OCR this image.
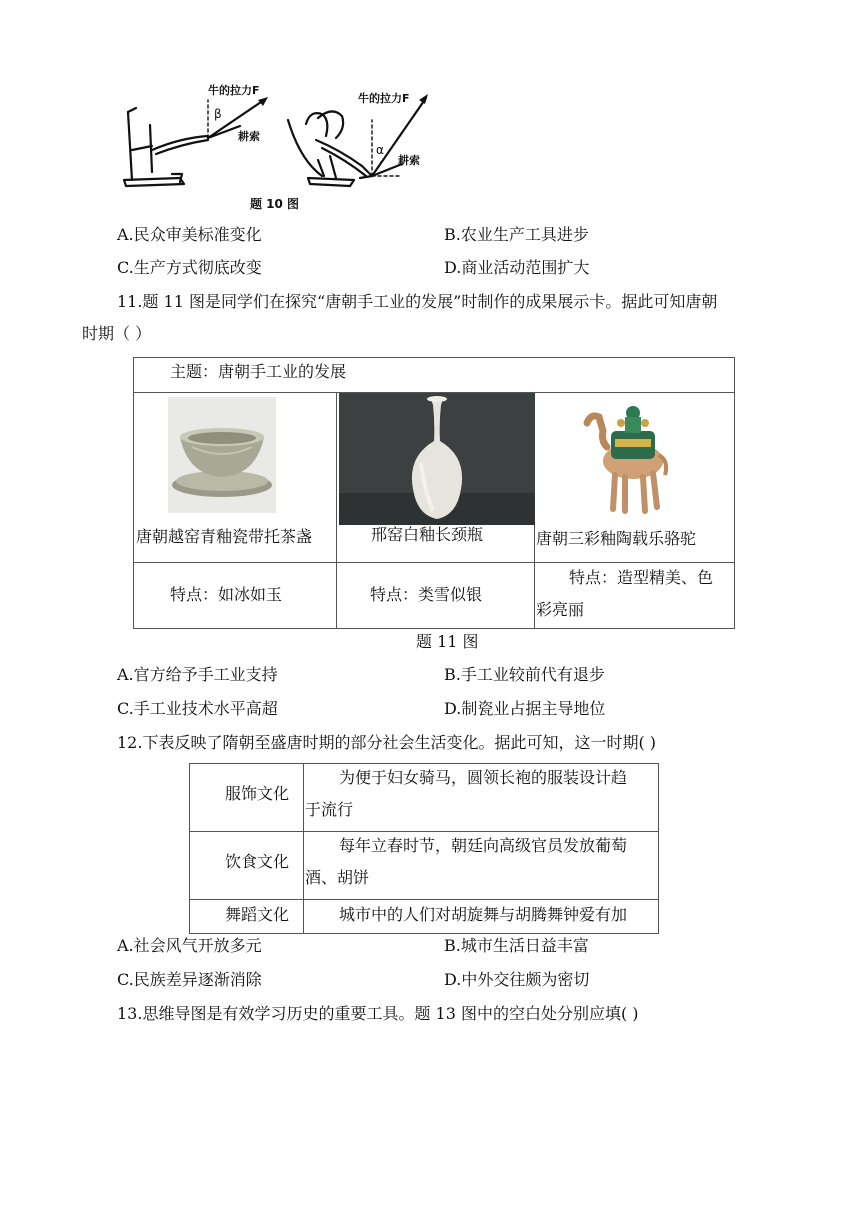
牛的拉力F
β
耕索
牛的拉力F
α
耕索
题 10 图
A.民众审美标准变化	B.农业生产工具进步
C.生产方式彻底改变	D.商业活动范围扩大
11.题 11 图是同学们在探究“唐朝手工业的发展”时制作的成果展示卡。据此可知唐朝
时期（ ）
主题：唐朝手工业的发展		

唐朝越窑青釉瓷带托茶盏	邢窑白釉长颈瓶	唐朝三彩釉陶载乐骆驼

特点：如冰如玉	特点：类雪似银	特点：造型精美、色
彩亮丽
题 11 图
A.官方给予手工业支持	B.手工业较前代有退步
C.手工业技术水平高超	D.制瓷业占据主导地位
12.下表反映了隋朝至盛唐时期的部分社会生活变化。据此可知，这一时期( )
服饰文化	为便于妇女骑马，圆领长袍的服装设计趋
于流行

饮食文化	每年立春时节，朝廷向高级官员发放葡萄
酒、胡饼

舞蹈文化	城市中的人们对胡旋舞与胡腾舞钟爱有加
A.社会风气开放多元	B.城市生活日益丰富
C.民族差异逐渐消除	D.中外交往颇为密切
13.思维导图是有效学习历史的重要工具。题 13 图中的空白处分别应填( )
